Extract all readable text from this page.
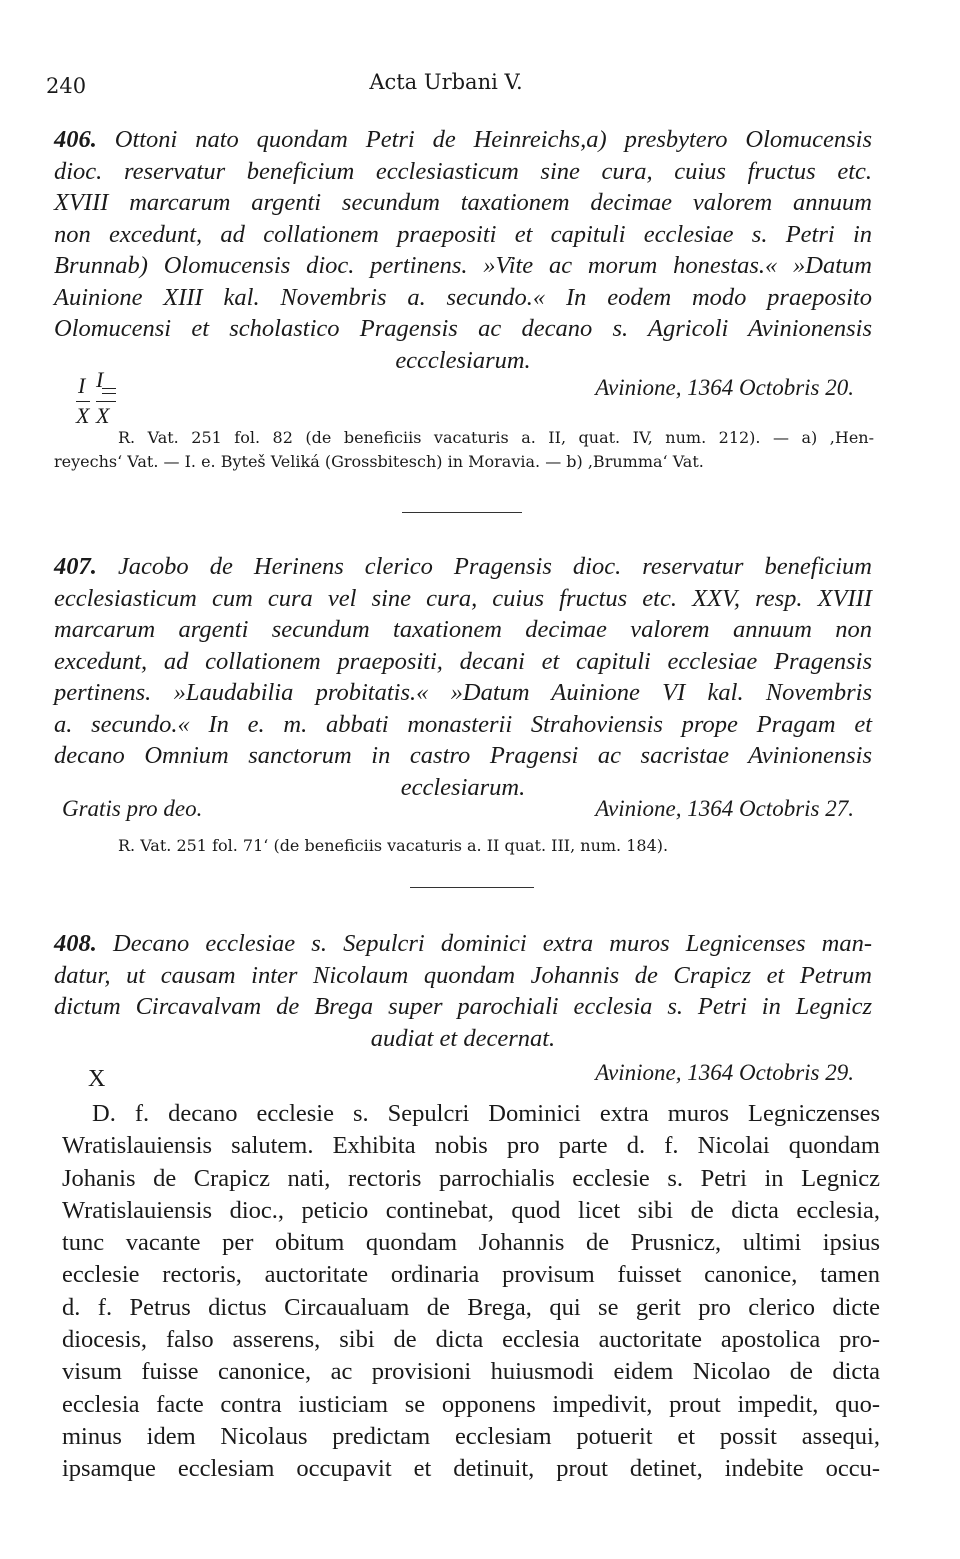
240	Acta Urbani V.
406. Ottoni nato quondam Petri de Heinreichs,a) presbytero Olomucensis
dioc. reservatur beneficium ecclesiasticum sine cura, cuius fructus etc.
XVIII marcarum argenti secundum taxationem decimae valorem annuum
non excedunt, ad collationem praepositi et capituli ecclesiae s. Petri in
Brunnab) Olomucensis dioc. pertinens. »Vite ac morum honestas.« »Datum
Auinione XIII kal. Novembris a. secundo.« In eodem modo praeposito
Olomucensi et scholastico Pragensis ac decano s. Agricoli Avinionensis
eccclesiarum.
I I
X X
Avinione, 1364 Octobris 20.
R. Vat. 251 fol. 82 (de beneficiis vacaturis a. II, quat. IV, num. 212). — a) ,Hen-
reyechs‘ Vat. — I. e. Byteš Veliká (Grossbitesch) in Moravia. — b) ,Brumma‘ Vat.
407. Jacobo de Herinens clerico Pragensis dioc. reservatur beneficium
ecclesiasticum cum cura vel sine cura, cuius fructus etc. XXV, resp. XVIII
marcarum argenti secundum taxationem decimae valorem annuum non
excedunt, ad collationem praepositi, decani et capituli ecclesiae Pragensis
pertinens. »Laudabilia probitatis.« »Datum Auinione VI kal. Novembris
a. secundo.« In e. m. abbati monasterii Strahoviensis prope Pragam et
decano Omnium sanctorum in castro Pragensi ac sacristae Avinionensis
ecclesiarum.
Gratis pro deo.	Avinione, 1364 Octobris 27.
R. Vat. 251 fol. 71‘ (de beneficiis vacaturis a. II quat. III, num. 184).
408. Decano ecclesiae s. Sepulcri dominici extra muros Legnicenses man-
datur, ut causam inter Nicolaum quondam Johannis de Crapicz et Petrum
dictum Circavalvam de Brega super parochiali ecclesia s. Petri in Legnicz
audiat et decernat.
X	Avinione, 1364 Octobris 29.
D. f. decano ecclesie s. Sepulcri Dominici extra muros Legniczenses
Wratislauiensis salutem. Exhibita nobis pro parte d. f. Nicolai quondam
Johanis de Crapicz nati, rectoris parrochialis ecclesie s. Petri in Legnicz
Wratislauiensis dioc., peticio continebat, quod licet sibi de dicta ecclesia,
tunc vacante per obitum quondam Johannis de Prusnicz, ultimi ipsius
ecclesie rectoris, auctoritate ordinaria provisum fuisset canonice, tamen
d. f. Petrus dictus Circaualuam de Brega, qui se gerit pro clerico dicte
diocesis, falso asserens, sibi de dicta ecclesia auctoritate apostolica pro-
visum fuisse canonice, ac provisioni huiusmodi eidem Nicolao de dicta
ecclesia facte contra iusticiam se opponens impedivit, prout impedit, quo-
minus idem Nicolaus predictam ecclesiam potuerit et possit assequi,
ipsamque ecclesiam occupavit et detinuit, prout detinet, indebite occu-
